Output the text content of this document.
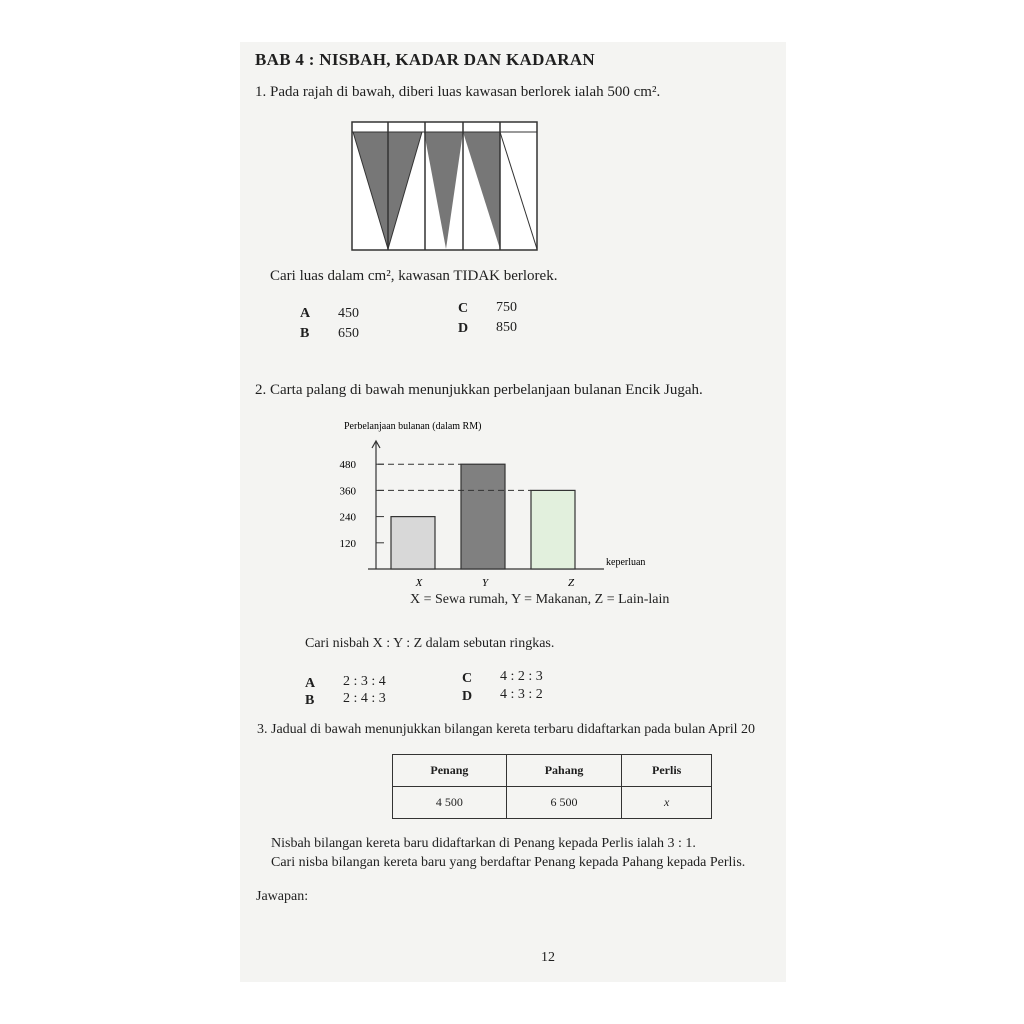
BAB 4 : NISBAH, KADAR DAN KADARAN
1. Pada rajah di bawah, diberi luas kawasan berlorek ialah 500 cm².
Cari luas dalam cm², kawasan TIDAK berlorek.
A 450
B 650
C 750
D 850
2. Carta palang di bawah menunjukkan perbelanjaan bulanan Encik Jugah.
Perbelanjaan bulanan (dalam RM)
120
240
360
480
X	Y	Z
keperluan
X = Sewa rumah, Y = Makanan, Z = Lain-lain
Cari nisbah X : Y : Z dalam sebutan ringkas.
A 2 : 3 : 4
B 2 : 4 : 3
C 4 : 2 : 3
D 4 : 3 : 2
3. Jadual di bawah menunjukkan bilangan kereta terbaru didaftarkan pada bulan April 20
Penang	Pahang	Perlis
4 500	6 500	x
Nisbah bilangan kereta baru didaftarkan di Penang kepada Perlis ialah 3 : 1.
Cari nisba bilangan kereta baru yang berdaftar Penang kepada Pahang kepada Perlis.
Jawapan:
12
